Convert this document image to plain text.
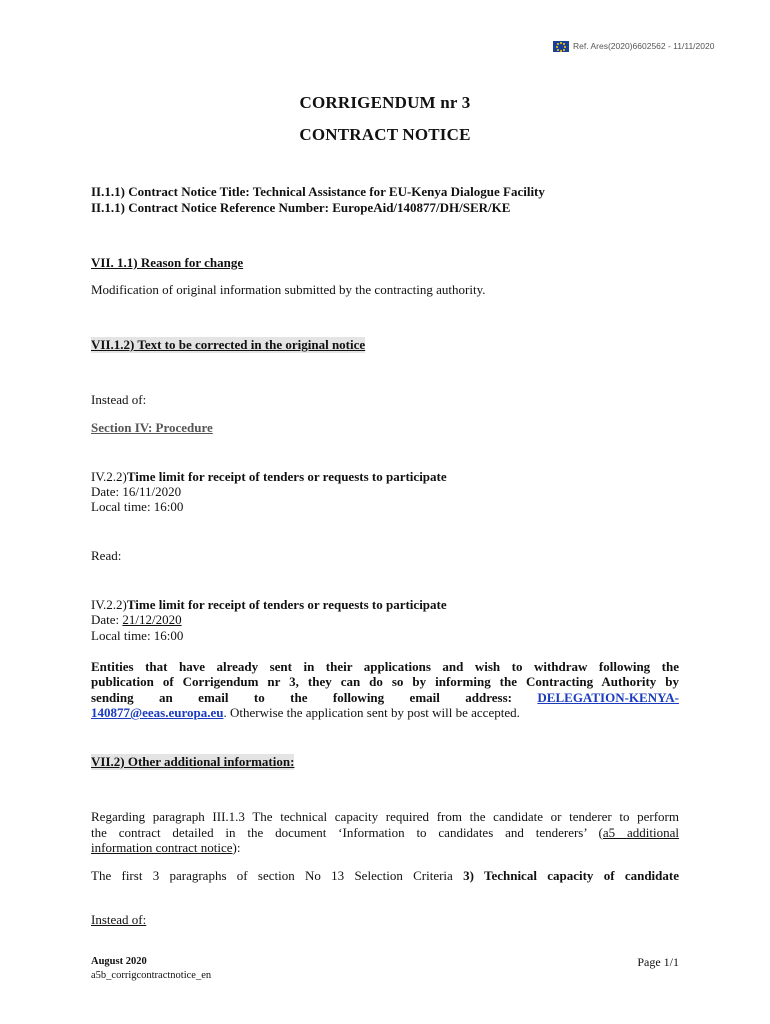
Ref. Ares(2020)6602562 - 11/11/2020
CORRIGENDUM nr 3
CONTRACT NOTICE
II.1.1) Contract Notice Title: Technical Assistance for EU-Kenya Dialogue Facility
II.1.1) Contract Notice Reference Number: EuropeAid/140877/DH/SER/KE
VII. 1.1) Reason for change
Modification of original information submitted by the contracting authority.
VII.1.2) Text to be corrected in the original notice
Instead of:
Section IV: Procedure
IV.2.2)Time limit for receipt of tenders or requests to participate
Date: 16/11/2020
Local time: 16:00
Read:
IV.2.2)Time limit for receipt of tenders or requests to participate
Date: 21/12/2020
Local time: 16:00
Entities that have already sent in their applications and wish to withdraw following the
publication of Corrigendum nr 3, they can do so by informing the Contracting Authority by
sending an email to the following email address: DELEGATION-KENYA-
140877@eeas.europa.eu. Otherwise the application sent by post will be accepted.
VII.2) Other additional information:
Regarding paragraph III.1.3 The technical capacity required from the candidate or tenderer to perform
the contract detailed in the document ‘Information to candidates and tenderers’ (a5 additional
information contract notice):
The first 3 paragraphs of section No 13 Selection Criteria 3) Technical capacity of candidate
Instead of:
August 2020
a5b_corrigcontractnotice_en
Page 1/1
